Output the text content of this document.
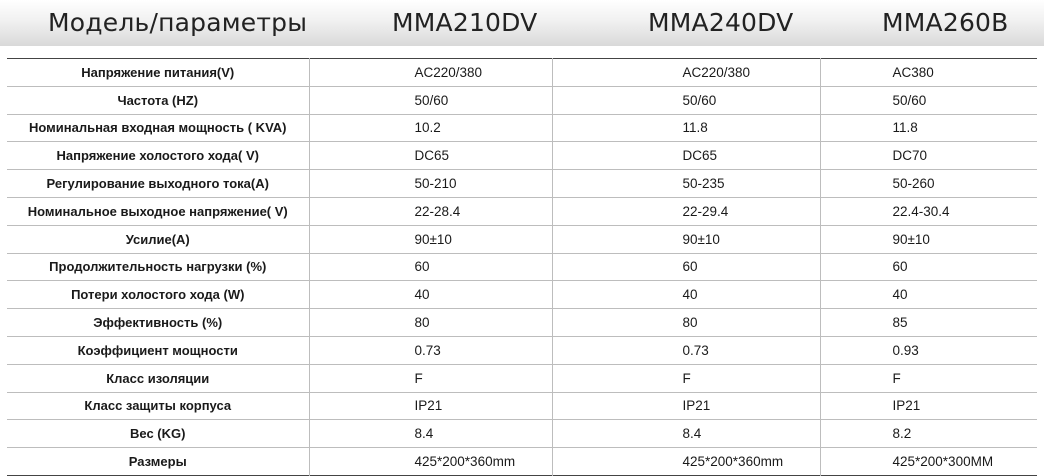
Модель/параметры	MMA210DV	MMA240DV	MMA260B
Напряжение питания(V)	AC220/380	AC220/380	AC380
Частота (HZ)	50/60	50/60	50/60
Номинальная входная мощность ( KVA)	10.2	11.8	11.8
Напряжение холостого хода( V)	DC65	DC65	DC70
Регулирование выходного тока(A)	50-210	50-235	50-260
Номинальное выходное напряжение( V)	22-28.4	22-29.4	22.4-30.4
Усилие(A)	90±10	90±10	90±10
Продолжительность нагрузки (%)	60	60	60
Потери холостого хода (W)	40	40	40
Эффективность (%)	80	80	85
Коэффициент мощности	0.73	0.73	0.93
Класс изоляции	F	F	F
Класс защиты корпуса	IP21	IP21	IP21
Вес (KG)	8.4	8.4	8.2
Размеры	425*200*360mm	425*200*360mm	425*200*300MM
